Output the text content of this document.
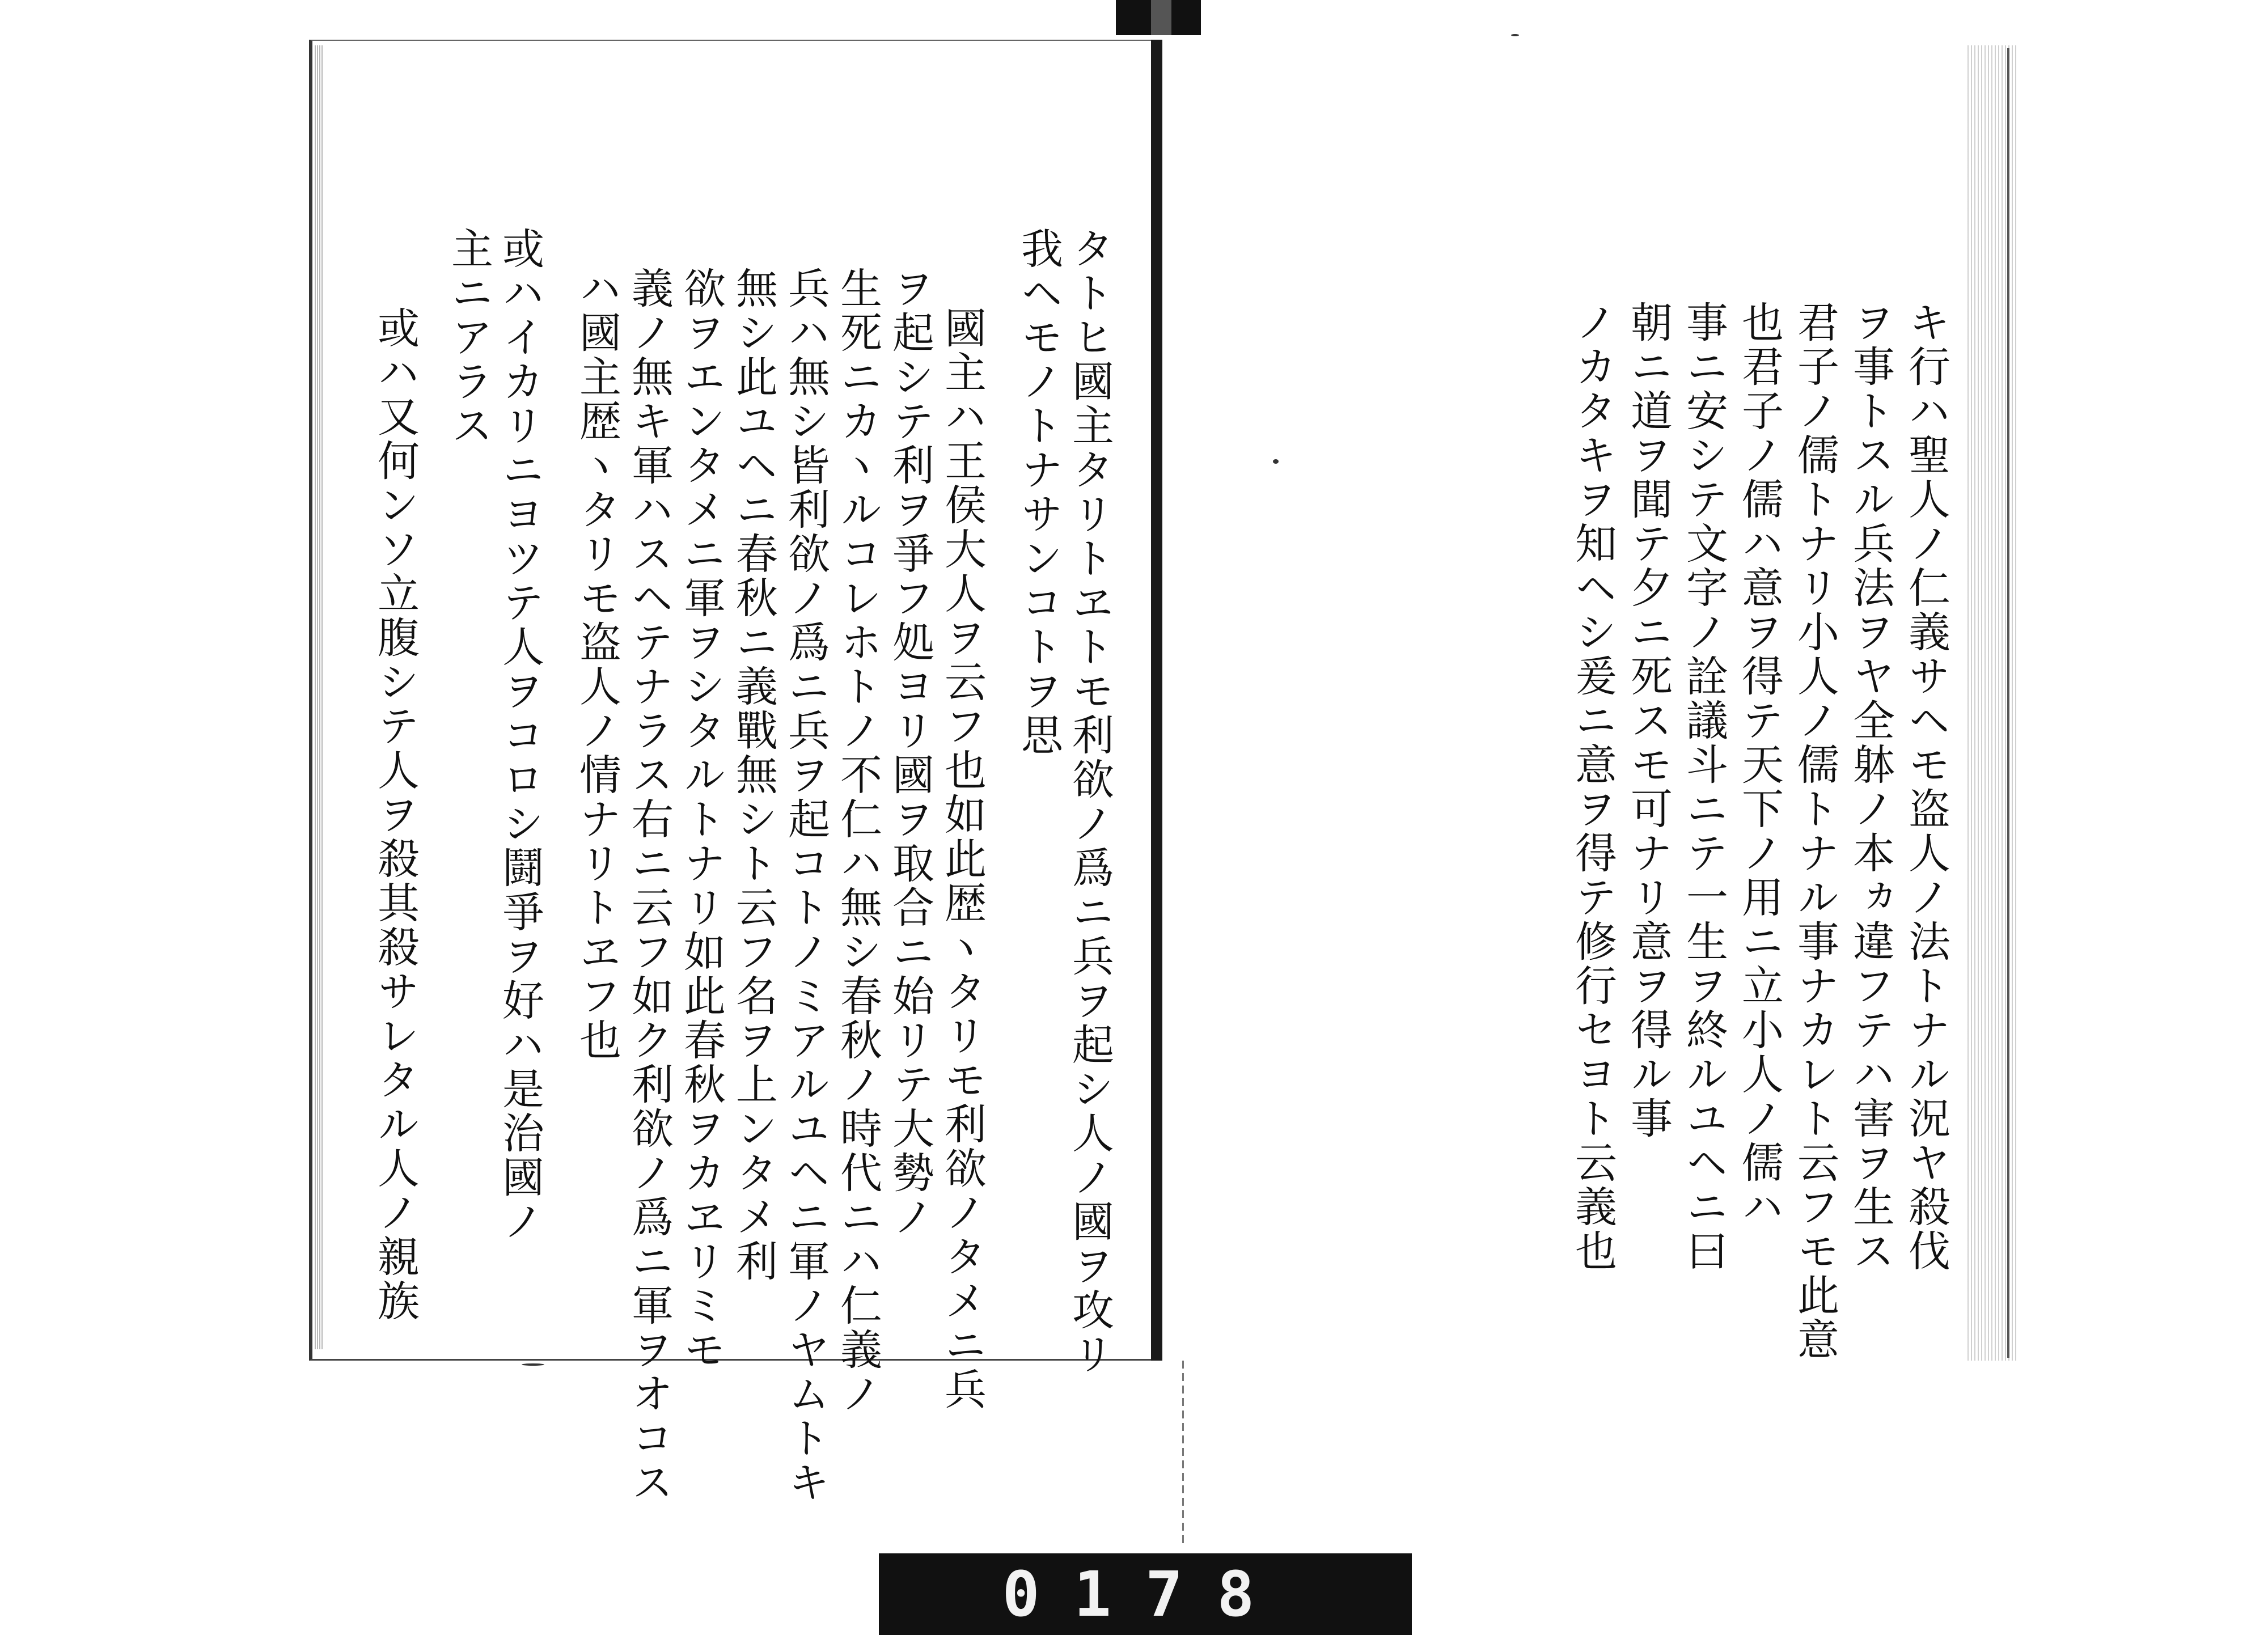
タトヒ國主タリトヱトモ利欲ノ爲ニ兵ヲ起シ人ノ國ヲ攻リ
我ヘモノトナサンコトヲ思
國主ハ王侯大人ヲ云フ也如此歴ヽタリモ利欲ノタメニ兵
ヲ起シテ利ヲ爭フ処ヨリ國ヲ取合ニ始リテ大勢ノ
生死ニカヽルコレホトノ不仁ハ無シ春秋ノ時代ニハ仁義ノ
兵ハ無シ皆利欲ノ爲ニ兵ヲ起コトノミアルユヘニ軍ノヤムトキ
無シ此ユヘニ春秋ニ義戰無シト云フ名ヲ上ンタメ利
欲ヲエンタメニ軍ヲシタルトナリ如此春秋ヲカヱリミモ
義ノ無キ軍ハスヘテナラス右ニ云フ如ク利欲ノ爲ニ軍ヲオコス
ハ國主歴ヽタリモ盗人ノ情ナリトヱフ也
或ハイカリニヨツテ人ヲコロシ鬪爭ヲ好ハ是治國ノ
主ニアラス
或ハ又何ンソ立腹シテ人ヲ殺其殺サレタル人ノ親族	キ行ハ聖人ノ仁義サヘモ盗人ノ法トナル況ヤ殺伐
ヲ事トスル兵法ヲヤ全躰ノ本ヵ違フテハ害ヲ生ス
君子ノ儒トナリ小人ノ儒トナル事ナカレト云フモ此意
也君子ノ儒ハ意ヲ得テ天下ノ用ニ立小人ノ儒ハ
事ニ安シテ文字ノ詮議斗ニテ一生ヲ終ルユヘニ曰
朝ニ道ヲ聞テ夕ニ死スモ可ナリ意ヲ得ル事
ノカタキヲ知ヘシ爰ニ意ヲ得テ修行セヨト云義也
0178
